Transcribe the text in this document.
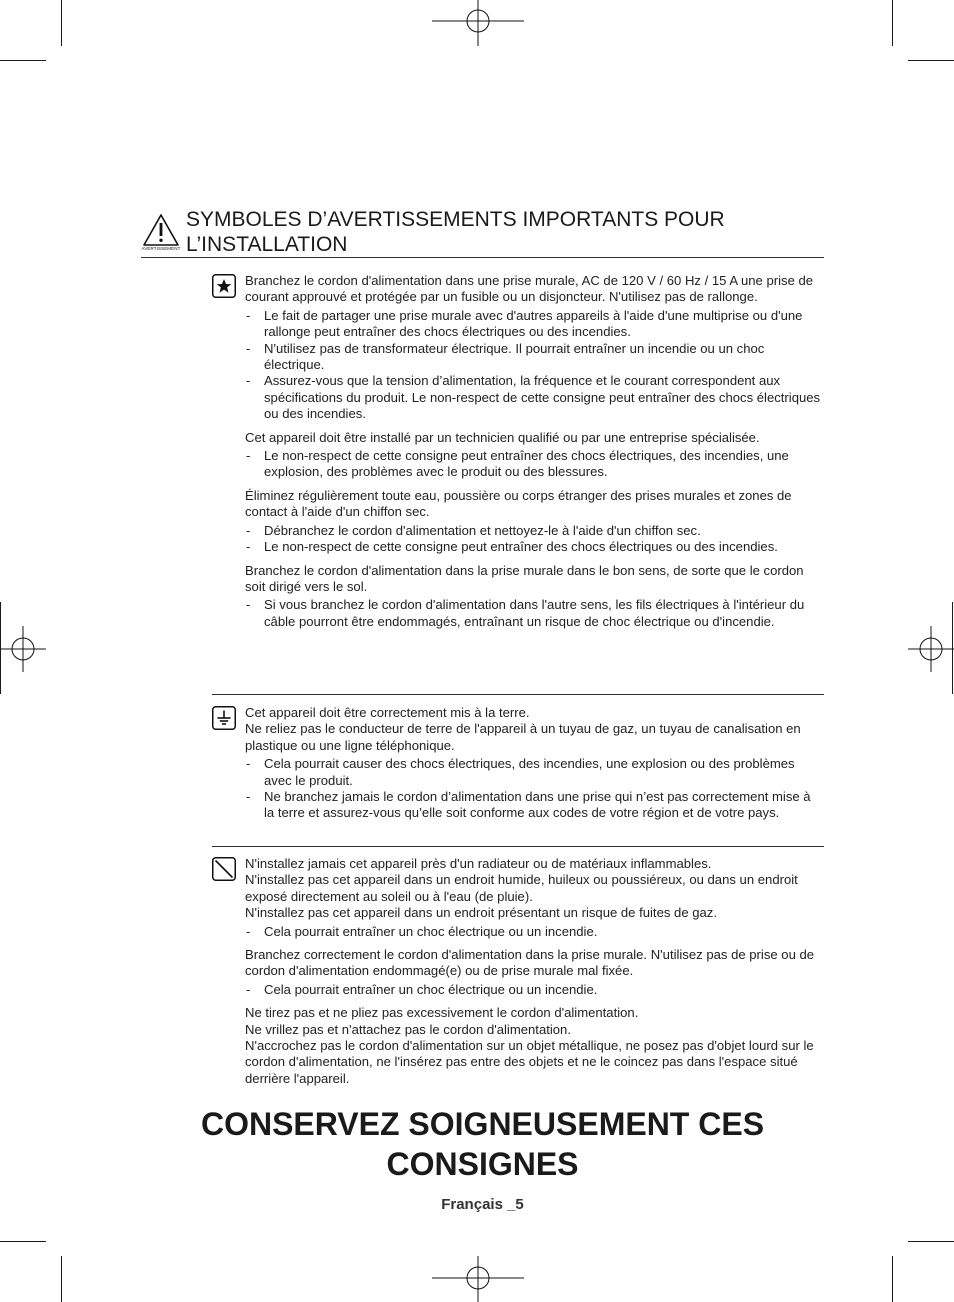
AVERTISSEMENT
SYMBOLES D’AVERTISSEMENTS IMPORTANTS POUR
L’INSTALLATION
Branchez le cordon d'alimentation dans une prise murale, AC de 120 V / 60 Hz / 15 A une prise de courant approuvé et protégée par un fusible ou un disjoncteur. N'utilisez pas de rallonge.
- Le fait de partager une prise murale avec d'autres appareils à l'aide d'une multiprise ou d'une rallonge peut entraîner des chocs électriques ou des incendies.
- N'utilisez pas de transformateur électrique. Il pourrait entraîner un incendie ou un choc électrique.
- Assurez-vous que la tension d’alimentation, la fréquence et le courant correspondent aux spécifications du produit. Le non-respect de cette consigne peut entraîner des chocs électriques ou des incendies.
Cet appareil doit être installé par un technicien qualifié ou par une entreprise spécialisée.
- Le non-respect de cette consigne peut entraîner des chocs électriques, des incendies, une explosion, des problèmes avec le produit ou des blessures.
Éliminez régulièrement toute eau, poussière ou corps étranger des prises murales et zones de contact à l'aide d'un chiffon sec.
- Débranchez le cordon d'alimentation et nettoyez-le à l'aide d'un chiffon sec.
- Le non-respect de cette consigne peut entraîner des chocs électriques ou des incendies.
Branchez le cordon d'alimentation dans la prise murale dans le bon sens, de sorte que le cordon soit dirigé vers le sol.
- Si vous branchez le cordon d'alimentation dans l'autre sens, les fils électriques à l'intérieur du câble pourront être endommagés, entraînant un risque de choc électrique ou d'incendie.
Cet appareil doit être correctement mis à la terre.
Ne reliez pas le conducteur de terre de l'appareil à un tuyau de gaz, un tuyau de canalisation en plastique ou une ligne téléphonique.
- Cela pourrait causer des chocs électriques, des incendies, une explosion ou des problèmes avec le produit.
- Ne branchez jamais le cordon d’alimentation dans une prise qui n’est pas correctement mise à la terre et assurez-vous qu’elle soit conforme aux codes de votre région et de votre pays.
N'installez jamais cet appareil près d'un radiateur ou de matériaux inflammables.
N'installez pas cet appareil dans un endroit humide, huileux ou poussiéreux, ou dans un endroit exposé directement au soleil ou à l'eau (de pluie).
N'installez pas cet appareil dans un endroit présentant un risque de fuites de gaz.
- Cela pourrait entraîner un choc électrique ou un incendie.
Branchez correctement le cordon d'alimentation dans la prise murale. N'utilisez pas de prise ou de cordon d'alimentation endommagé(e) ou de prise murale mal fixée.
- Cela pourrait entraîner un choc électrique ou un incendie.
Ne tirez pas et ne pliez pas excessivement le cordon d'alimentation.
Ne vrillez pas et n'attachez pas le cordon d'alimentation.
N'accrochez pas le cordon d'alimentation sur un objet métallique, ne posez pas d'objet lourd sur le cordon d'alimentation, ne l'insérez pas entre des objets et ne le coincez pas dans l'espace situé derrière l'appareil.
CONSERVEZ SOIGNEUSEMENT CES
CONSIGNES
Français _5
